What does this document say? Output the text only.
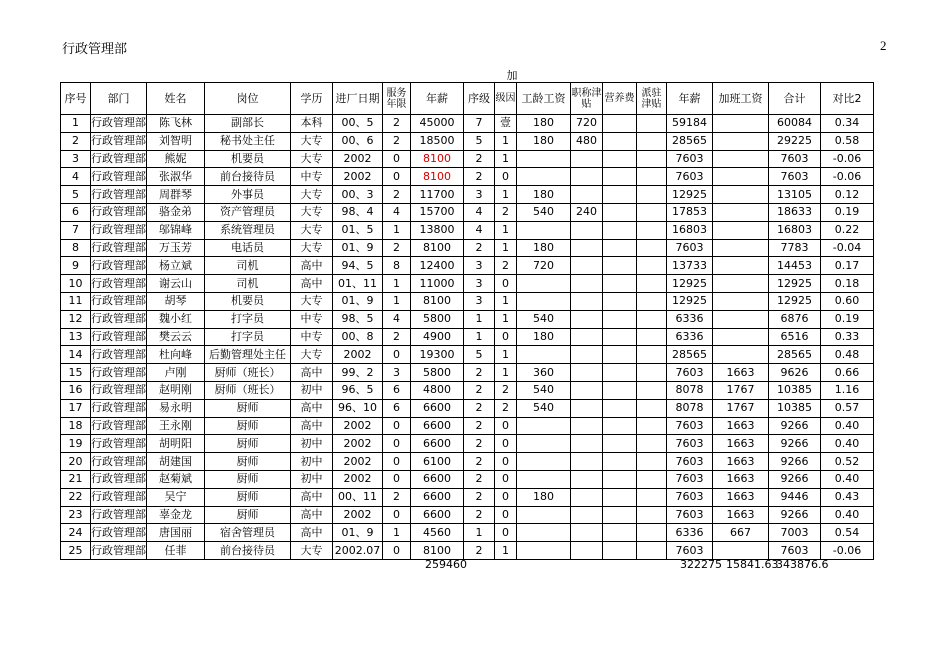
行政管理部	2
加
序号	部门	姓名	岗位	学历	进厂日期	服务年限	年薪	序级	级因	工龄工资	职称津贴	营养费	派驻津贴	年薪	加班工资	合计	对比2
1	行政管理部	陈飞林	副部长	本科	00、5	2	45000	7	壹	180	720			59184		60084	0.34
2	行政管理部	刘智明	秘书处主任	大专	00、6	2	18500	5	1	180	480			28565		29225	0.58
3	行政管理部	熊妮	机要员	大专	2002	0	8100	2	1					7603		7603	-0.06
4	行政管理部	张淑华	前台接待员	中专	2002	0	8100	2	0					7603		7603	-0.06
5	行政管理部	周群琴	外事员	大专	00、3	2	11700	3	1	180				12925		13105	0.12
6	行政管理部	骆金弟	资产管理员	大专	98、4	4	15700	4	2	540	240			17853		18633	0.19
7	行政管理部	邬锦峰	系统管理员	大专	01、5	1	13800	4	1					16803		16803	0.22
8	行政管理部	万玉芳	电话员	大专	01、9	2	8100	2	1	180				7603		7783	-0.04
9	行政管理部	杨立斌	司机	高中	94、5	8	12400	3	2	720				13733		14453	0.17
10	行政管理部	谢云山	司机	高中	01、11	1	11000	3	0					12925		12925	0.18
11	行政管理部	胡琴	机要员	大专	01、9	1	8100	3	1					12925		12925	0.60
12	行政管理部	魏小红	打字员	中专	98、5	4	5800	1	1	540				6336		6876	0.19
13	行政管理部	樊云云	打字员	中专	00、8	2	4900	1	0	180				6336		6516	0.33
14	行政管理部	杜向峰	后勤管理处主任	大专	2002	0	19300	5	1					28565		28565	0.48
15	行政管理部	卢刚	厨师（班长）	高中	99、2	3	5800	2	1	360				7603	1663	9626	0.66
16	行政管理部	赵明刚	厨师（班长）	初中	96、5	6	4800	2	2	540				8078	1767	10385	1.16
17	行政管理部	易永明	厨师	高中	96、10	6	6600	2	2	540				8078	1767	10385	0.57
18	行政管理部	王永刚	厨师	高中	2002	0	6600	2	0					7603	1663	9266	0.40
19	行政管理部	胡明阳	厨师	初中	2002	0	6600	2	0					7603	1663	9266	0.40
20	行政管理部	胡建国	厨师	初中	2002	0	6100	2	0					7603	1663	9266	0.52
21	行政管理部	赵菊斌	厨师	初中	2002	0	6600	2	0					7603	1663	9266	0.40
22	行政管理部	吴宁	厨师	高中	00、11	2	6600	2	0	180				7603	1663	9446	0.43
23	行政管理部	辜金龙	厨师	高中	2002	0	6600	2	0					7603	1663	9266	0.40
24	行政管理部	唐国丽	宿舍管理员	高中	01、9	1	4560	1	0					6336	667	7003	0.54
25	行政管理部	任菲	前台接待员	大专	2002.07	0	8100	2	1					7603		7603	-0.06
259460	322275 15841.63
343876.6
